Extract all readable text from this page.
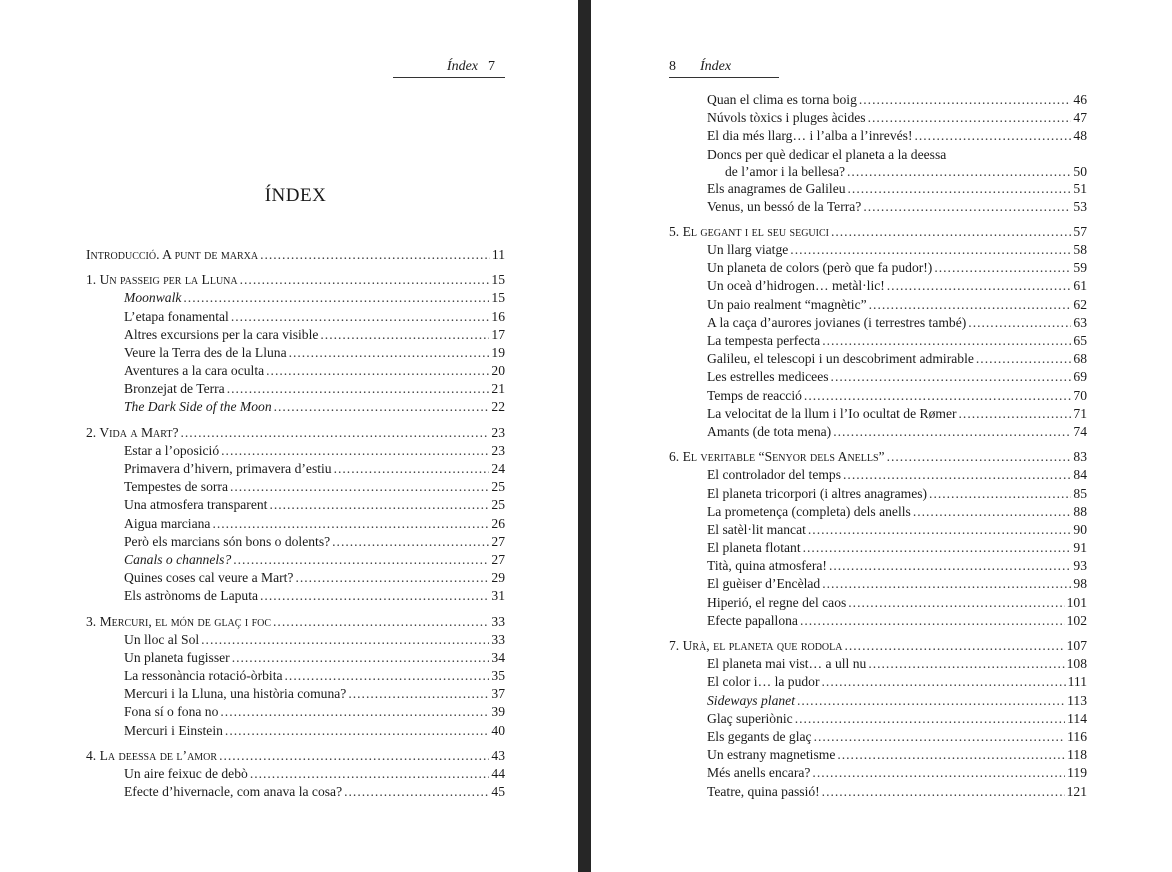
Índex 7
ÍNDEX
Introducció. A punt de marxa .....	11
1. Un passeig per la Lluna .....	15
Moonwalk .....	15
L’etapa fonamental .....	16
Altres excursions per la cara visible .....	17
Veure la Terra des de la Lluna .....	19
Aventures a la cara oculta .....	20
Bronzejat de Terra .....	21
The Dark Side of the Moon .....	22
2. Vida a Mart? .....	23
Estar a l’oposició .....	23
Primavera d’hivern, primavera d’estiu .....	24
Tempestes de sorra .....	25
Una atmosfera transparent .....	25
Aigua marciana .....	26
Però els marcians són bons o dolents? .....	27
Canals o channels? .....	27
Quines coses cal veure a Mart? .....	29
Els astrònoms de Laputa .....	31
3. Mercuri, el món de glaç i foc .....	33
Un lloc al Sol .....	33
Un planeta fugisser .....	34
La ressonància rotació-òrbita .....	35
Mercuri i la Lluna, una història comuna? .....	37
Fona sí o fona no .....	39
Mercuri i Einstein .....	40
4. La deessa de l’amor .....	43
Un aire feixuc de debò .....	44
Efecte d’hivernacle, com anava la cosa? .....	45
8 Índex
Quan el clima es torna boig .....	46
Núvols tòxics i pluges àcides .....	47
El dia més llarg… i l’alba a l’inrevés! .....	48
Doncs per què dedicar el planeta a la deessa
de l’amor i la bellesa? .....	50
Els anagrames de Galileu .....	51
Venus, un bessó de la Terra? .....	53
5. El gegant i el seu seguici .....	57
Un llarg viatge .....	58
Un planeta de colors (però que fa pudor!) .....	59
Un oceà d’hidrogen… metàl·lic! .....	61
Un paio realment “magnètic” .....	62
A la caça d’aurores jovianes (i terrestres també) .....	63
La tempesta perfecta .....	65
Galileu, el telescopi i un descobriment admirable .....	68
Les estrelles medicees .....	69
Temps de reacció .....	70
La velocitat de la llum i l’Io ocultat de Rømer .....	71
Amants (de tota mena) .....	74
6. El veritable “Senyor dels Anells” .....	83
El controlador del temps .....	84
El planeta tricorpori (i altres anagrames) .....	85
La prometença (completa) dels anells .....	88
El satèl·lit mancat .....	90
El planeta flotant .....	91
Tità, quina atmosfera! .....	93
El guèiser d’Encèlad .....	98
Hiperió, el regne del caos .....	101
Efecte papallona .....	102
7. Urà, el planeta que rodola .....	107
El planeta mai vist… a ull nu .....	108
El color i… la pudor .....	111
Sideways planet .....	113
Glaç superiònic .....	114
Els gegants de glaç .....	116
Un estrany magnetisme .....	118
Més anells encara? .....	119
Teatre, quina passió! .....	121
